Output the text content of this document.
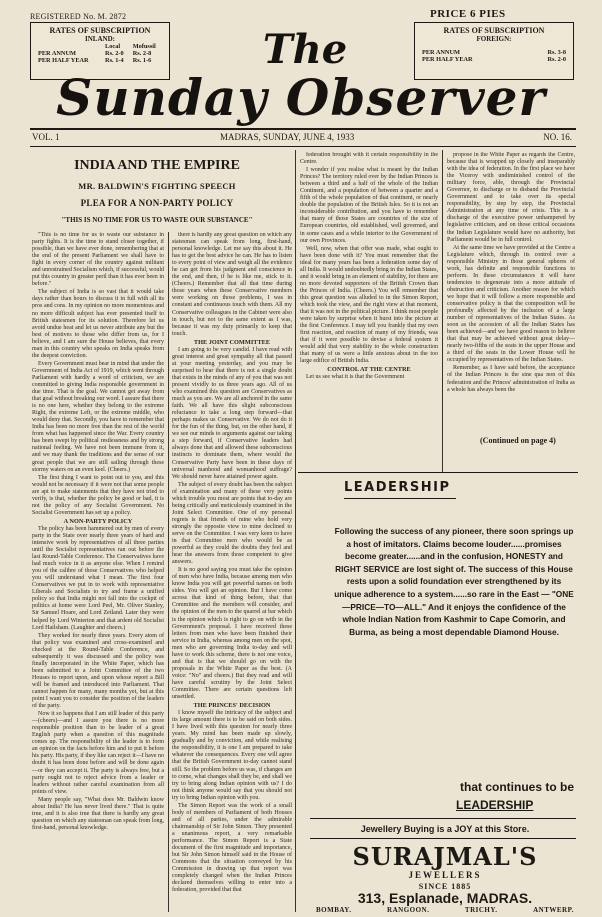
REGISTERED No. M. 2872	PRICE 6 PIES
RATES OF SUBSCRIPTION
INLAND:
	Local	Mofussil
PER ANNUM	Rs. 2-0	Rs. 2-8
PER HALF YEAR	Rs. 1-4	Rs. 1-6
RATES OF SUBSCRIPTION
FOREIGN:
PER ANNUM	Rs. 3-8
PER HALF YEAR	Rs. 2-0
The
Sunday Observer
VOL. 1	MADRAS, SUNDAY, JUNE 4, 1933	NO. 16.
INDIA AND THE EMPIRE
MR. BALDWIN'S FIGHTING SPEECH
PLEA FOR A NON-PARTY POLICY
"THIS IS NO TIME FOR US TO WASTE OUR SUBSTANCE"

"This is no time for us to waste our substance in party fights. It is the time to stand closer together, if possible, than we have ever done, remembering that at the end of the present Parliament we shall have to fight in every corner of the country against militant and unrestrained Socialism which, if successful, would put this country in greater peril than it has ever been in before."

The subject of India is so vast that it would take days rather than hours to discuss it in full with all its pros and cons. In my opinion no more momentous and no more difficult subject has ever presented itself to British statesmen for its solution. Therefore let us avoid undue heat and let us never attribute any but the best of motives to those who differ from us, for I believe, and I am sure the House believes, that every man in this country who speaks on India speaks from the deepest conviction.

Every Government must bear in mind that under the Government of India Act of 1919, which went through Parliament with hardly a word of criticism, we are committed to giving India responsible government in due time. That is the goal. We cannot get away from that goal without breaking our word. I assure that there is no one here, whether they belong to the extreme Right, the extreme Left, or the extreme middle, who would deny that. Secondly, you have to remember that India has been no more free than the rest of the world from what has happened since the War. Every country has been swept by political restlessness and by strong national feeling. We have not been immune from it, and we may thank the traditions and the sense of our great people that we are still sailing through these stormy waters on an even keel. (Cheers.)

The first thing I want to point out to you, and this would not be necessary if it were not that some people are apt to make statements that they have not tried to verify, is that, whether the policy be good or bad, it is not the policy of any Socialist Government. No Socialist Government has set up a policy.

A NON-PARTY POLICY

The policy has been hammered out by men of every party in the State over nearly three years of hard and intensive work by representatives of all three parties until the Socialist representatives ran out before the last Round-Table Conference. The Conservatives have had much voice in it as anyone else. When I remind you of the calibre of those Conservatives who helped you will understand what I mean. The first four Conservatives we put in to work with representative Liberals and Socialists to try and frame a unified policy so that India might not fall into the cockpit of politics at home were Lord Peel, Mr. Oliver Stanley, Sir Samuel Hoare, and Lord Zetland. Later they were helped by Lord Winterton and that ardent old Socialist Lord Hailsham. (Laughter and cheers.)

They worked for nearly three years. Every atom of that policy was examined and cross-examined and checked at the Round-Table Conference, and subsequently it was discussed and the policy was finally incorporated in the White Paper, which has been submitted to a Joint Committee of the two Houses to report upon, and upon whose report a Bill will be framed and introduced into Parliament. That cannot happen for many, many months yet, but at this point I want you to consider the position of the leaders of the party.

Now it so happens that I am still leader of this party—(cheers)—and I assure you there is no more responsible position than to be leader of a great English party when a question of this magnitude comes up. The responsibility of the leader is to form an opinion on the facts before him and to put it before his party. His party, if they like can reject it—I have no doubt it has been done before and will be done again—or they can accept it. The party is always free, but a party ought not to reject advice from a leader or leaders without rather careful examination from all points of view.

Many people say, "What does Mr. Baldwin know about India? He has never lived there." That is quite true, and it is also true that there is hardly any great question on which any statesman can speak from long, first-hand, personal knowledge.

there is hardly any great question on which any statesman can speak from long, first-hand, personal knowledge. Let me say this about it. He has to get the best advice he can. He has to listen to every point of view and weigh all the evidence he can get from his judgment and conscience in the end, and then, if he is like me, stick to it. (Cheers.) Remember that all that time during those years when these Conservative members were working on those problems, I was in constant and continuous touch with them. All my Conservative colleagues in the Cabinet were also in touch, but not to the same extent as I was, because it was my duty primarily to keep that touch.

THE JOINT COMMITTEE

I am going to be very candid. I have read with great interest and great sympathy all that passed at your meeting yesterday, and you may be surprised to hear that there is not a single doubt that exists in the minds of any of you that was not present vividly to us three years ago. All of us who examined this question are Conservatives as much as you are. We are all anchored in the same faith. We all have this slight subconscious reluctance to take a long step forward—that perhaps makes us Conservative. We do not do it for the fun of the thing, but, on the other hand, if we see our minds to arguments against our taking a step forward, if Conservative leaders had always done that and allowed these subconscious instincts to dominate them, where would the Conservative Party have been in these days of universal manhood and womanhood suffrage? We should never have attained power again.

The subject of every doubt has been the subject of examination and many of these very points which trouble you most are points that to-day are being critically and meticulously examined in the Joint Select Committee. One of my personal regrets is that friends of mine who hold very strongly the opposite view to mine declined to serve on the Committee. I was very keen to have in that Committee men who would be as powerful as they could the doubts they feel and hear the answers from those competent to give answers.

It is no good saying you must take the opinion of men who have India, because among men who know India you will get powerful names on both sides. You will get an opinion. But I have come across that kind of thing before, that that Committee and the members will consider, and the opinion of the men to the quarrel at bar which is the opinion which is right to go on with in the Government's proposal. I have received these letters from men who have been finished their service in India, whereas among men on the spot, men who are governing India to-day and will have to work this scheme, there is not one voice, and that is that we should go on with the proposals in the White Paper as the best. (A voice: "No" and cheers.) But they read and will have careful scrutiny by the Joint Select Committee. There are certain questions left unsettled.

THE PRINCES' DECISION

I know myself the intricacy of the subject and its large amount there is to be said on both sides. I have lived with this question for nearly three years. My mind has been made up slowly, gradually and by conviction, and while realising the responsibility, it is one I am prepared to take whatever the consequences. Every one will agree that the British Government to-day cannot stand still. So the problem before us was, if changes are to come, what changes shall they be, and shall we try to bring along Indian opinion with us? I do not think anyone would say that you should not try to bring Indian opinion with you.

The Simon Report was the work of a small body of members of Parliament of both Houses and of all parties, under the admirable chairmanship of Sir John Simon. They presented a unanimous report, a very remarkable performance. The Simon Report is a State document of the first magnitude and importance, but Sir John Simon himself said in the House of Commons that the situation conveyed by his Commission in drawing up that report was completely changed when the Indian Princes declared themselves willing to enter into a federation, provided that that

federation brought with it certain responsibility in the Centre.

I wonder if you realise what is meant by the Indian Princes? The territory ruled over by the Indian Princes is between a third and a half of the whole of the Indian Continent, and a population of between a quarter and a fifth of the whole population of that continent, or nearly double the population of the British Isles. So it is not an inconsiderable contribution, and you have to remember that many of those States are countries of the size of European countries, old established, well governed, and in some cases and a while interior to the Government of our own Provinces.

Well, now, when that offer was made, what ought to have been done with it? You must remember that the ideal for many years has been a federation some day of all India. It would undoubtedly bring in the Indian States, and it would bring in an element of stability, for there are no more devoted supporters of the British Crown than the Princes of India. (Cheers.) You will remember that this great question was alluded to in the Simon Report, which took the view, and the right view at that moment, that it was not in the political picture. I think most people were taken by surprise when it burst into the picture at the first Conference. I may tell you frankly that my own first reaction, and reaction of many of my friends, was that if it were possible to devise a federal system it would add that very stability to the whole construction that many of us were a little anxious about in the too large edifice of British India.

CONTROL AT THE CENTRE

Let us see what it is that the Government

propose in the White Paper as regards the Centre, because that is wrapped up closely and inseparably with the idea of federation. In the first place we have the Viceroy with undiminished control of the military force, able, through the Provincial Governor, to discharge or to disband the Provincial Government and to take over its special responsibility, by step by step, the Provincial Administration at any time of crisis. This is a discharge of the executive power unhampered by legislative criticism, and on those critical occasions the Indian Legislature would have no authority, but Parliament would be in full control.

At the same time we have provided at the Centre a Legislature which, through its control over a responsible Ministry in those general spheres of work, has definite and responsible functions to perform. In these circumstances it will have tendencies to degenerate into a more attitude of obstruction and criticism. Another reason for which we hope that it will follow a more responsible and conservative policy is that the composition will be profoundly affected by the inclusion of a large number of representatives of the Indian States. As soon as the accession of all the Indian States has been achieved—and we have good reason to believe that that may be achieved without great delay—nearly two-fifths of the seats in the upper House and a third of the seats in the Lower House will be occupied by representatives of the Indian States.

Remember, as I have said before, the acceptance of the Indian Princes is the sine qua non of this federation and the Princes' administration of India as a whole has always been the

(Continued on page 4)
LEADERSHIP
Following the success of any pioneer, there soon springs up a host of imitators. Claims become louder......promises become greater......and in the confusion, HONESTY and RIGHT SERVICE are lost sight of. The success of this House rests upon a solid foundation ever strengthened by its unique adherence to a system......so rare in the East — "ONE—PRICE—TO—ALL." And it enjoys the confidence of the whole Indian Nation from Kashmir to Cape Comorin, and Burma, as being a most dependable Diamond House.
that continues to be
LEADERSHIP
Jewellery Buying is a JOY at this Store.
SURAJMAL'S
JEWELLERS
SINCE 1885
313, Esplanade, MADRAS.
BOMBAY.	RANGOON.	TRICHY.	ANTWERP.
